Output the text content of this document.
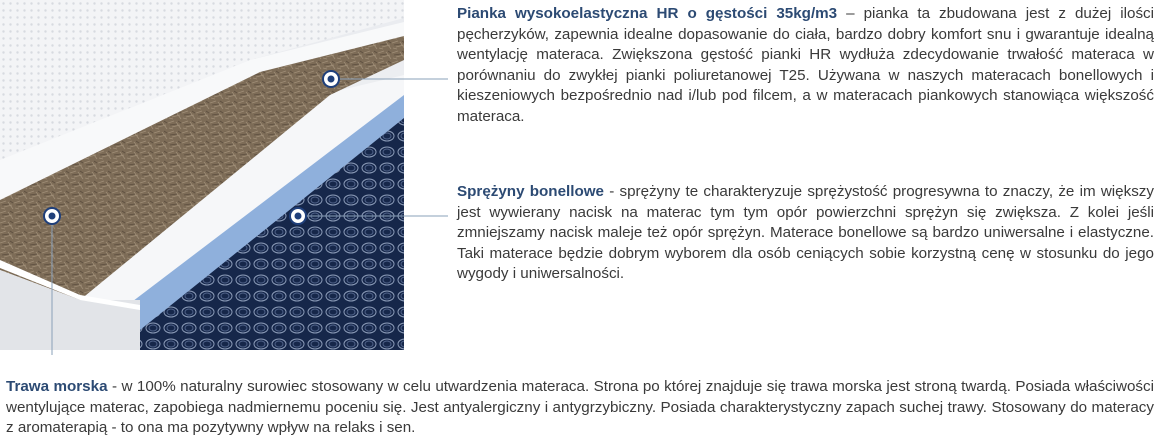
Pianka wysokoelastyczna HR o gęstości 35kg/m3 – pianka ta zbudowana jest z dużej ilości pęcherzyków, zapewnia idealne dopasowanie do ciała, bardzo dobry komfort snu i gwarantuje idealną wentylację materaca. Zwiększona gęstość pianki HR wydłuża zdecydowanie trwałość materaca w porównaniu do zwykłej pianki poliuretanowej T25. Używana w naszych materacach bonellowych i kieszeniowych bezpośrednio nad i/lub pod filcem, a w materacach piankowych stanowiąca większość materaca.

Sprężyny bonellowe - sprężyny te charakteryzuje sprężystość progresywna to znaczy, że im większy jest wywierany nacisk na materac tym tym opór powierzchni sprężyn się zwiększa. Z kolei jeśli zmniejszamy nacisk maleje też opór sprężyn. Materace bonellowe są bardzo uniwersalne i elastyczne. Taki materace będzie dobrym wyborem dla osób ceniących sobie korzystną cenę w stosunku do jego wygody i uniwersalności.

Trawa morska - w 100% naturalny surowiec stosowany w celu utwardzenia materaca. Strona po której znajduje się trawa morska jest stroną twardą. Posiada właściwości wentylujące materac, zapobiega nadmiernemu poceniu się. Jest antyalergiczny i antygrzybiczny. Posiada charakterystyczny zapach suchej trawy. Stosowany do materacy z aromaterapią - to ona ma pozytywny wpływ na relaks i sen.
